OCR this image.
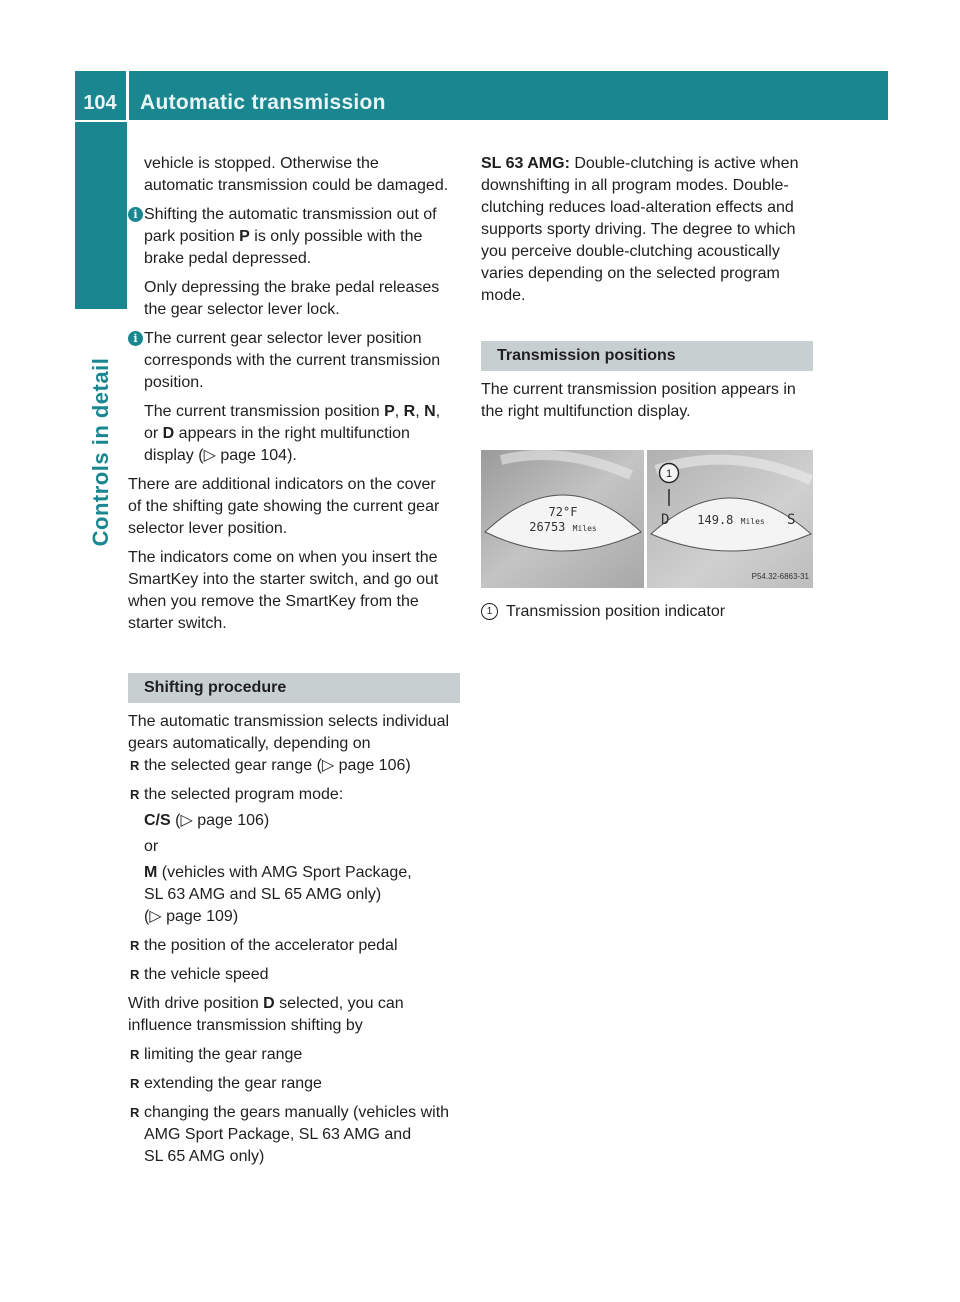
104	Automatic transmission
Controls in detail
vehicle is stopped. Otherwise the
automatic transmission could be damaged.
i Shifting the automatic transmission out of
park position P is only possible with the
brake pedal depressed.
Only depressing the brake pedal releases
the gear selector lever lock.
i The current gear selector lever position
corresponds with the current transmission
position.
The current transmission position P, R, N,
or D appears in the right multifunction
display (▷ page 104).
There are additional indicators on the cover
of the shifting gate showing the current gear
selector lever position.
The indicators come on when you insert the
SmartKey into the starter switch, and go out
when you remove the SmartKey from the
starter switch.
Shifting procedure
The automatic transmission selects individual
gears automatically, depending on
R the selected gear range (▷ page 106)
R the selected program mode:
C/S (▷ page 106)
or
M (vehicles with AMG Sport Package,
SL 63 AMG and SL 65 AMG only)
(▷ page 109)
R the position of the accelerator pedal
R the vehicle speed
With drive position D selected, you can
influence transmission shifting by
R limiting the gear range
R extending the gear range
R changing the gears manually (vehicles with
AMG Sport Package, SL 63 AMG and
SL 65 AMG only)
SL 63 AMG: Double-clutching is active when
downshifting in all program modes. Double-
clutching reduces load-alteration effects and
supports sporty driving. The degree to which
you perceive double-clutching acoustically
varies depending on the selected program
mode.
Transmission positions
The current transmission position appears in
the right multifunction display.
72°F
26753 Miles
D 149.8 Miles S
1
P54.32-6863-31
1 Transmission position indicator
